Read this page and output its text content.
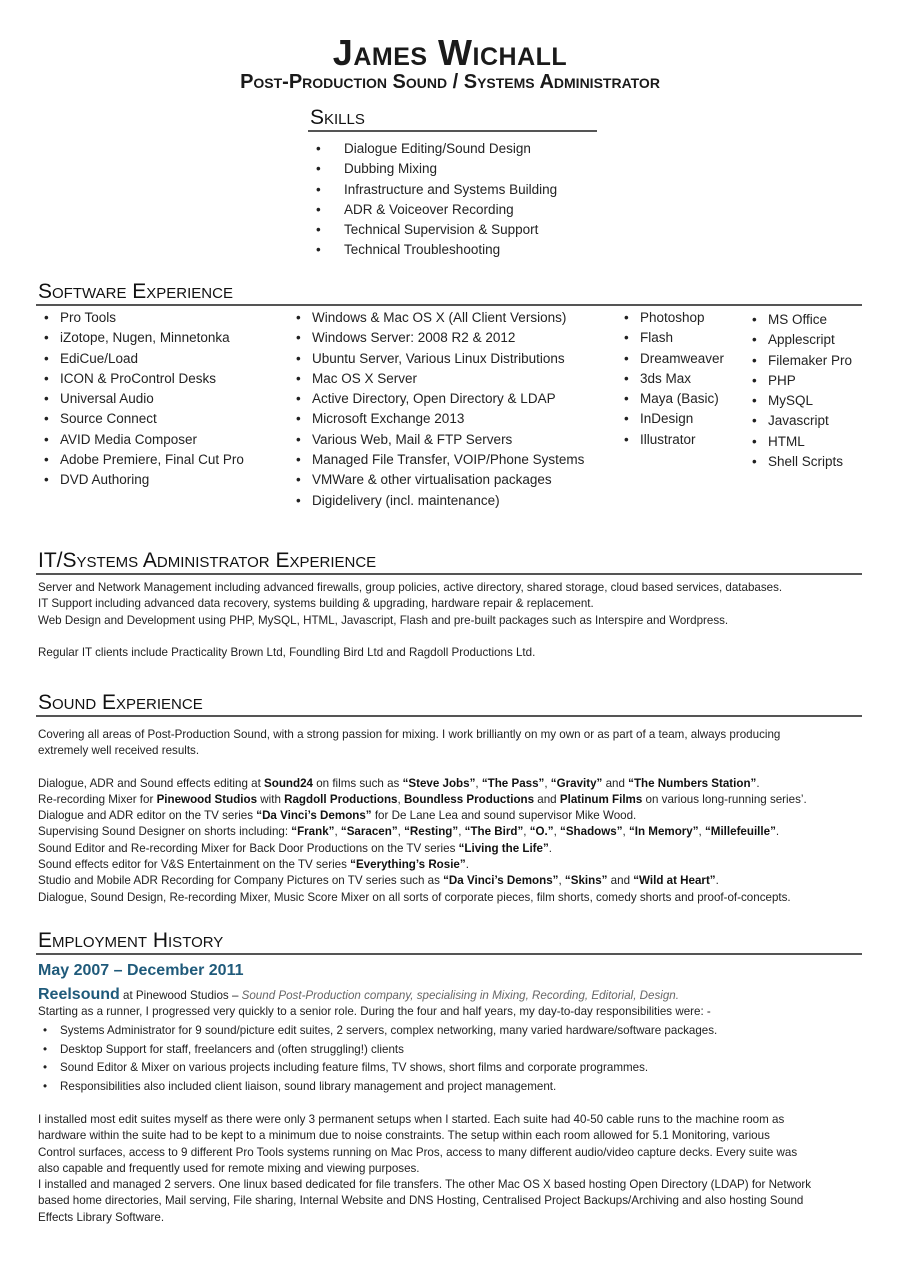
James Wichall
Post-Production Sound / Systems Administrator
Skills
• Dialogue Editing/Sound Design
• Dubbing Mixing
• Infrastructure and Systems Building
• ADR & Voiceover Recording
• Technical Supervision & Support
• Technical Troubleshooting
Software Experience
• Pro Tools
• iZotope, Nugen, Minnetonka
• EdiCue/Load
• ICON & ProControl Desks
• Universal Audio
• Source Connect
• AVID Media Composer
• Adobe Premiere, Final Cut Pro
• DVD Authoring
• Windows & Mac OS X (All Client Versions)
• Windows Server: 2008 R2 & 2012
• Ubuntu Server, Various Linux Distributions
• Mac OS X Server
• Active Directory, Open Directory & LDAP
• Microsoft Exchange 2013
• Various Web, Mail & FTP Servers
• Managed File Transfer, VOIP/Phone Systems
• VMWare & other virtualisation packages
• Digidelivery (incl. maintenance)
• Photoshop
• Flash
• Dreamweaver
• 3ds Max
• Maya (Basic)
• InDesign
• Illustrator
• MS Office
• Applescript
• Filemaker Pro
• PHP
• MySQL
• Javascript
• HTML
• Shell Scripts
IT/Systems Administrator Experience

Server and Network Management including advanced firewalls, group policies, active directory, shared storage, cloud based services, databases.

IT Support including advanced data recovery, systems building & upgrading, hardware repair & replacement.

Web Design and Development using PHP, MySQL, HTML, Javascript, Flash and pre-built packages such as Interspire and Wordpress.

Regular IT clients include Practicality Brown Ltd, Foundling Bird Ltd and Ragdoll Productions Ltd.

Sound Experience

Covering all areas of Post-Production Sound, with a strong passion for mixing. I work brilliantly on my own or as part of a team, always producing

extremely well received results.

Dialogue, ADR and Sound effects editing at Sound24 on films such as “Steve Jobs”, “The Pass”, “Gravity” and “The Numbers Station”.

Re-recording Mixer for Pinewood Studios with Ragdoll Productions, Boundless Productions and Platinum Films on various long-running series’.

Dialogue and ADR editor on the TV series “Da Vinci’s Demons” for De Lane Lea and sound supervisor Mike Wood.

Supervising Sound Designer on shorts including: “Frank”, “Saracen”, “Resting”, “The Bird”, “O.”, “Shadows”, “In Memory”, “Millefeuille”.

Sound Editor and Re-recording Mixer for Back Door Productions on the TV series “Living the Life”.

Sound effects editor for V&S Entertainment on the TV series “Everything’s Rosie”.

Studio and Mobile ADR Recording for Company Pictures on TV series such as “Da Vinci’s Demons”, “Skins” and “Wild at Heart”.

Dialogue, Sound Design, Re-recording Mixer, Music Score Mixer on all sorts of corporate pieces, film shorts, comedy shorts and proof-of-concepts.

Employment History
May 2007 – December 2011
Reelsound at Pinewood Studios – Sound Post-Production company, specialising in Mixing, Recording, Editorial, Design.

Starting as a runner, I progressed very quickly to a senior role. During the four and half years, my day-to-day responsibilities were: -

• Systems Administrator for 9 sound/picture edit suites, 2 servers, complex networking, many varied hardware/software packages.
• Desktop Support for staff, freelancers and (often struggling!) clients
• Sound Editor & Mixer on various projects including feature films, TV shows, short films and corporate programmes.
• Responsibilities also included client liaison, sound library management and project management.

I installed most edit suites myself as there were only 3 permanent setups when I started. Each suite had 40-50 cable runs to the machine room as

hardware within the suite had to be kept to a minimum due to noise constraints. The setup within each room allowed for 5.1 Monitoring, various

Control surfaces, access to 9 different Pro Tools systems running on Mac Pros, access to many different audio/video capture decks. Every suite was

also capable and frequently used for remote mixing and viewing purposes.

I installed and managed 2 servers. One linux based dedicated for file transfers. The other Mac OS X based hosting Open Directory (LDAP) for Network

based home directories, Mail serving, File sharing, Internal Website and DNS Hosting, Centralised Project Backups/Archiving and also hosting Sound

Effects Library Software.
